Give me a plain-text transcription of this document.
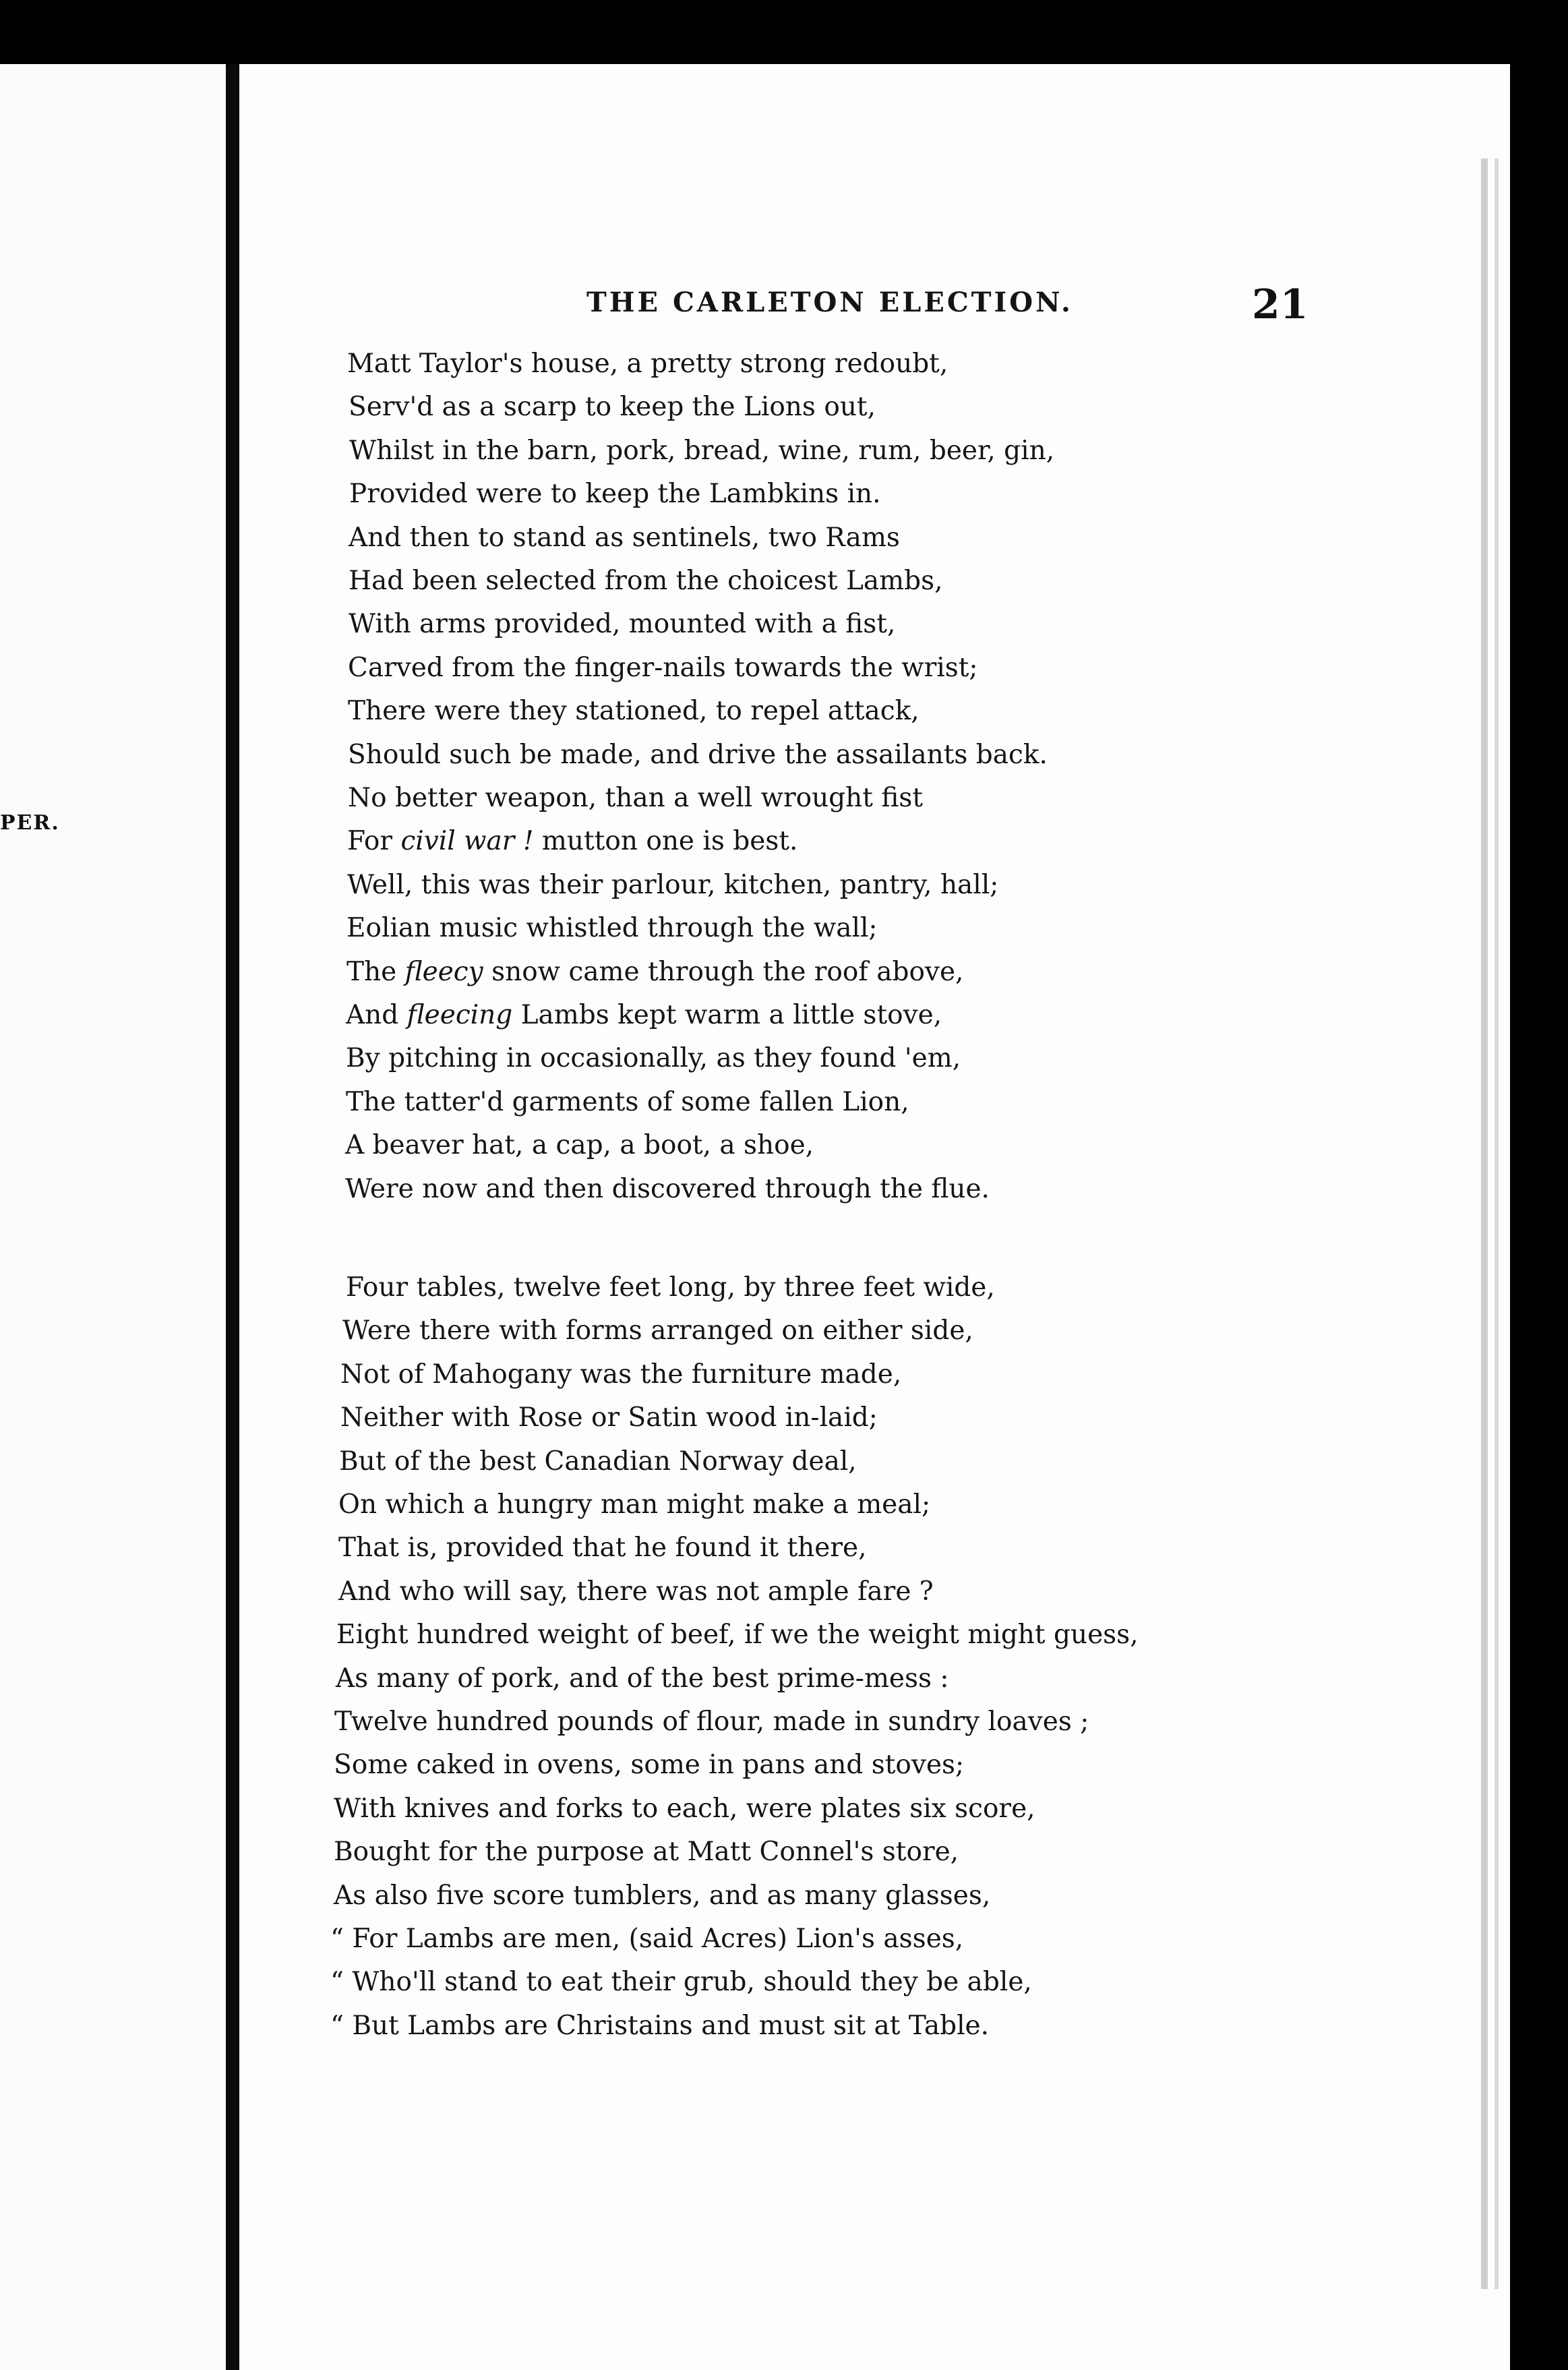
PER.
THE CARLETON ELECTION.	21
Matt Taylor's house, a pretty strong redoubt,
Serv'd as a scarp to keep the Lions out,
Whilst in the barn, pork, bread, wine, rum, beer, gin,
Provided were to keep the Lambkins in.
And then to stand as sentinels, two Rams
Had been selected from the choicest Lambs,
With arms provided, mounted with a fist,
Carved from the finger-nails towards the wrist;
There were they stationed, to repel attack,
Should such be made, and drive the assailants back.
No better weapon, than a well wrought fist
For civil war ! mutton one is best.
Well, this was their parlour, kitchen, pantry, hall;
Eolian music whistled through the wall;
The fleecy snow came through the roof above,
And fleecing Lambs kept warm a little stove,
By pitching in occasionally, as they found 'em,
The tatter'd garments of some fallen Lion,
A beaver hat, a cap, a boot, a shoe,
Were now and then discovered through the flue.
Four tables, twelve feet long, by three feet wide,
Were there with forms arranged on either side,
Not of Mahogany was the furniture made,
Neither with Rose or Satin wood in-laid;
But of the best Canadian Norway deal,
On which a hungry man might make a meal;
That is, provided that he found it there,
And who will say, there was not ample fare ?
Eight hundred weight of beef, if we the weight might guess,
As many of pork, and of the best prime-mess :
Twelve hundred pounds of flour, made in sundry loaves ;
Some caked in ovens, some in pans and stoves;
With knives and forks to each, were plates six score,
Bought for the purpose at Matt Connel's store,
As also five score tumblers, and as many glasses,
“ For Lambs are men, (said Acres) Lion's asses,
“ Who'll stand to eat their grub, should they be able,
“ But Lambs are Christains and must sit at Table.
